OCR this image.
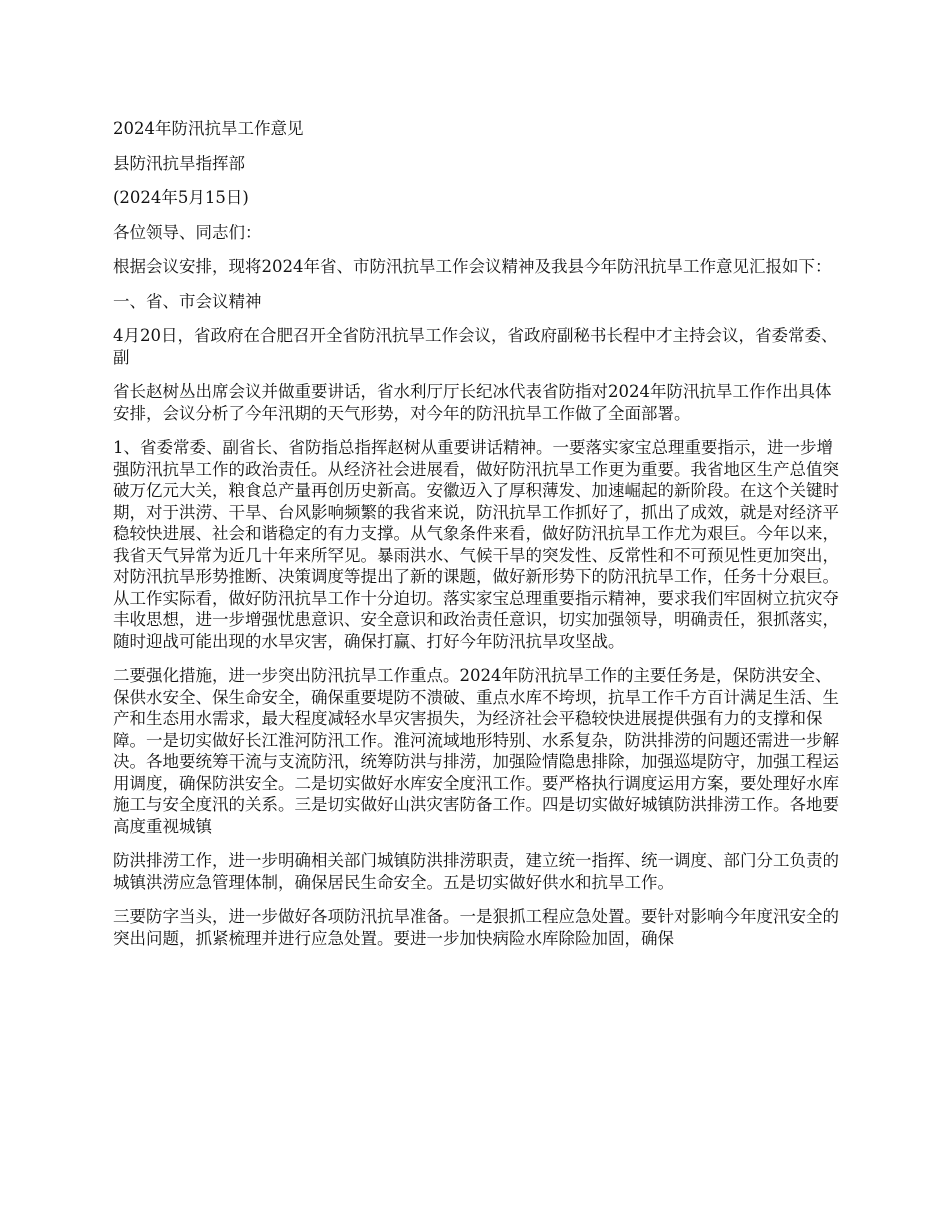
2024年防汛抗旱工作意见

县防汛抗旱指挥部

(2024年5月15日)

各位领导、同志们：

根据会议安排，现将2024年省、市防汛抗旱工作会议精神及我县今年防汛抗旱工作意见汇报如下：

一、省、市会议精神

4月20日，省政府在合肥召开全省防汛抗旱工作会议，省政府副秘书长程中才主持会议，省委常委、副

省长赵树丛出席会议并做重要讲话，省水利厅厅长纪冰代表省防指对2024年防汛抗旱工作作出具体安排，会议分析了今年汛期的天气形势，对今年的防汛抗旱工作做了全面部署。

1、省委常委、副省长、省防指总指挥赵树从重要讲话精神。一要落实家宝总理重要指示，进一步增强防汛抗旱工作的政治责任。从经济社会进展看，做好防汛抗旱工作更为重要。我省地区生产总值突破万亿元大关，粮食总产量再创历史新高。安徽迈入了厚积薄发、加速崛起的新阶段。在这个关键时期，对于洪涝、干旱、台风影响频繁的我省来说，防汛抗旱工作抓好了，抓出了成效，就是对经济平稳较快进展、社会和谐稳定的有力支撑。从气象条件来看，做好防汛抗旱工作尤为艰巨。今年以来，我省天气异常为近几十年来所罕见。暴雨洪水、气候干旱的突发性、反常性和不可预见性更加突出，对防汛抗旱形势推断、决策调度等提出了新的课题，做好新形势下的防汛抗旱工作，任务十分艰巨。从工作实际看，做好防汛抗旱工作十分迫切。落实家宝总理重要指示精神，要求我们牢固树立抗灾夺丰收思想，进一步增强忧患意识、安全意识和政治责任意识，切实加强领导，明确责任，狠抓落实，随时迎战可能出现的水旱灾害，确保打赢、打好今年防汛抗旱攻坚战。

二要强化措施，进一步突出防汛抗旱工作重点。2024年防汛抗旱工作的主要任务是，保防洪安全、保供水安全、保生命安全，确保重要堤防不溃破、重点水库不垮坝，抗旱工作千方百计满足生活、生产和生态用水需求，最大程度减轻水旱灾害损失，为经济社会平稳较快进展提供强有力的支撑和保障。一是切实做好长江淮河防汛工作。淮河流域地形特别、水系复杂，防洪排涝的问题还需进一步解决。各地要统筹干流与支流防汛，统筹防洪与排涝，加强险情隐患排除，加强巡堤防守，加强工程运用调度，确保防洪安全。二是切实做好水库安全度汛工作。要严格执行调度运用方案，要处理好水库施工与安全度汛的关系。三是切实做好山洪灾害防备工作。四是切实做好城镇防洪排涝工作。各地要高度重视城镇

防洪排涝工作，进一步明确相关部门城镇防洪排涝职责，建立统一指挥、统一调度、部门分工负责的城镇洪涝应急管理体制，确保居民生命安全。五是切实做好供水和抗旱工作。

三要防字当头，进一步做好各项防汛抗旱准备。一是狠抓工程应急处置。要针对影响今年度汛安全的突出问题，抓紧梳理并进行应急处置。要进一步加快病险水库除险加固，确保
